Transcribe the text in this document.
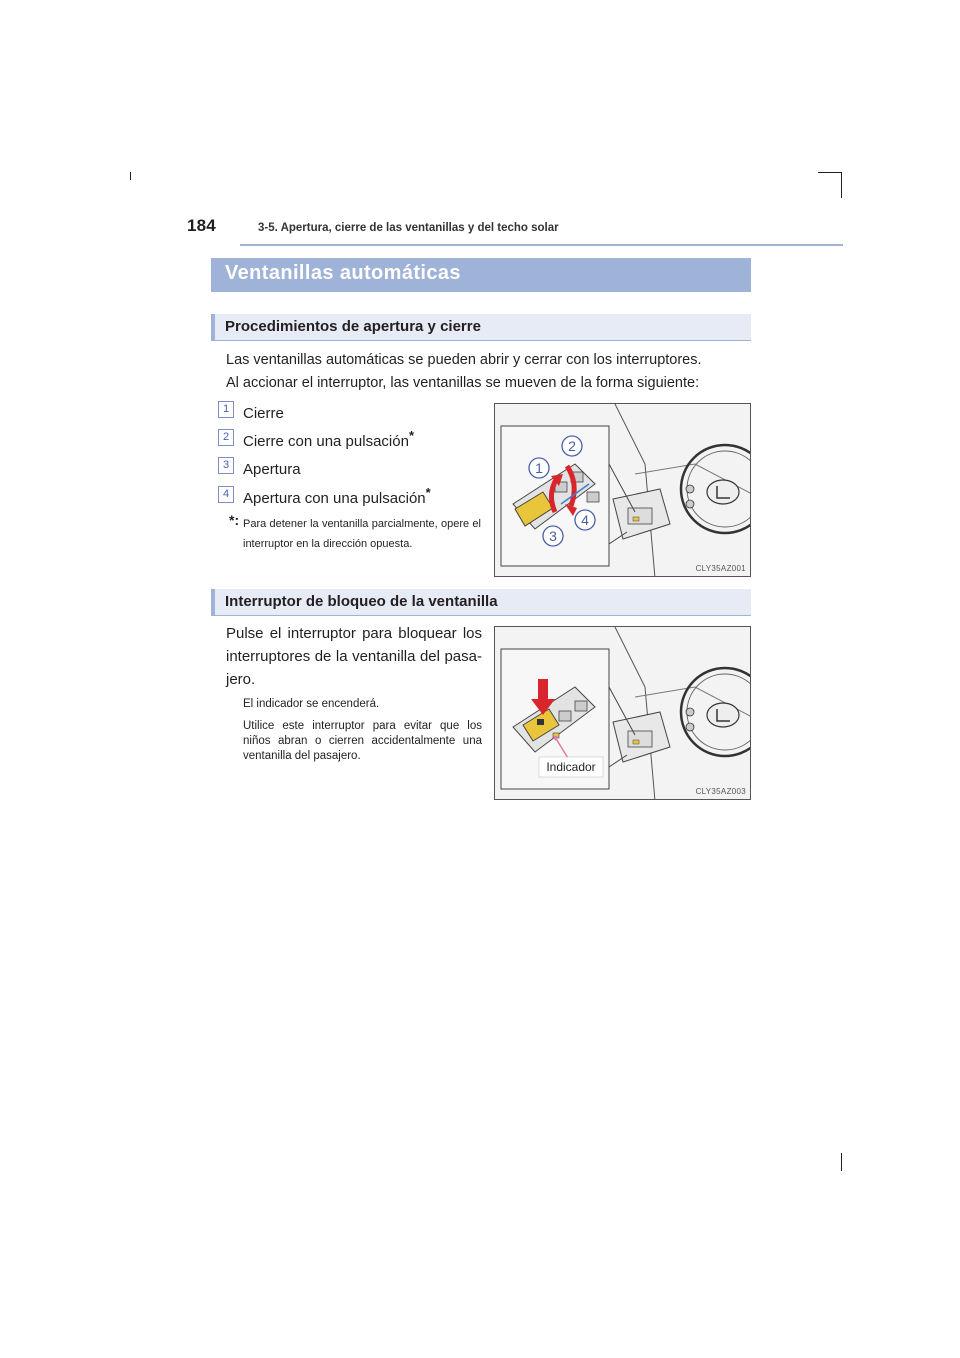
184	3-5. Apertura, cierre de las ventanillas y del techo solar
Ventanillas automáticas
Procedimientos de apertura y cierre
Las ventanillas automáticas se pueden abrir y cerrar con los interruptores.
Al accionar el interruptor, las ventanillas se mueven de la forma siguiente:
1 Cierre
2 Cierre con una pulsación*
3 Apertura
4 Apertura con una pulsación*
*: Para detener la ventanilla parcialmente, opere el interruptor en la dirección opuesta.
2
1
3
4
CLY35AZ001
Interruptor de bloqueo de la ventanilla
Pulse el interruptor para bloquear los interruptores de la ventanilla del pasa-jero.
El indicador se encenderá.
Utilice este interruptor para evitar que los niños abran o cierren accidentalmente una ventanilla del pasajero.
Indicador
CLY35AZ003
